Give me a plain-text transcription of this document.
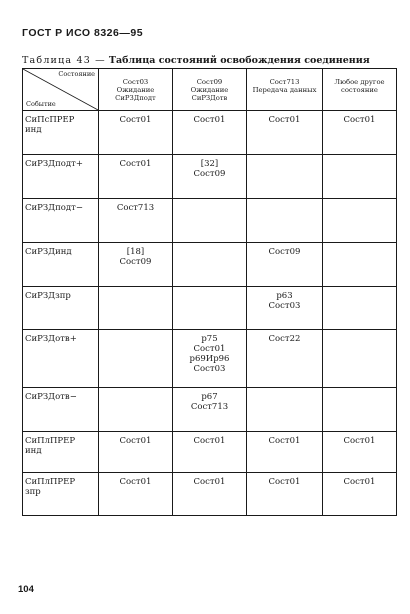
ГОСТ Р ИСО 8326—95
Таблица 43 — Таблица состояний освобождения соединения
Состояние
Событие	Сост03
Ожидание
СиРЗДподт	Сост09
Ожидание
СиРЗДотв	Сост713
Передача данных	Любое другое
состояние

СиПсПРЕР
инд	Сост01	Сост01	Сост01	Сост01

СиРЗДподт+	Сост01	[32]
Сост09		

СиРЗДподт−	Сост713			

СиРЗДинд	[18]
Сост09		Сост09	

СиРЗДзпр			р63
Сост03	

СиРЗДотв+		р75
Сост01
р69Ир96
Сост03	Сост22	

СиРЗДотв−		р67
Сост713		

СиПлПРЕР
инд	Сост01	Сост01	Сост01	Сост01

СиПлПРЕР
зпр	Сост01	Сост01	Сост01	Сост01
104
